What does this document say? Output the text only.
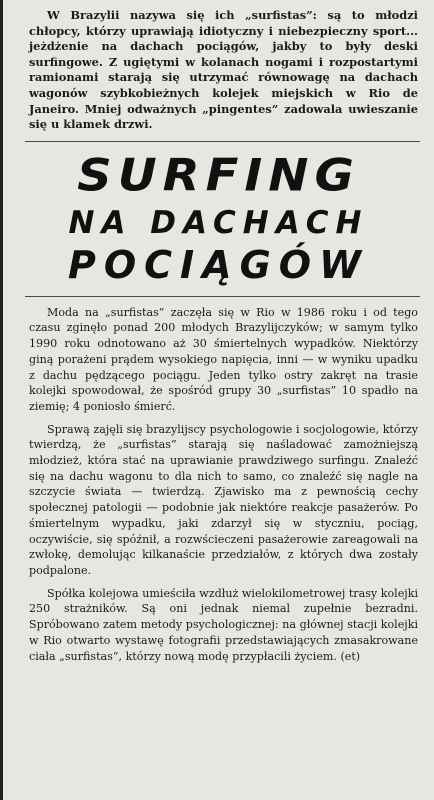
W Brazylii nazywa się ich „surfistas”: są to młodzi chłopcy, którzy uprawiają idiotyczny i niebezpieczny sport... jeżdżenie na dachach pociągów, jakby to były deski surfingowe. Z ugiętymi w kolanach nogami i rozpostartymi ramionami starają się utrzymać równowagę na dachach wagonów szybkobieżnych kolejek miejskich w Rio de Janeiro. Mniej odważnych „pingentes” zadowala uwieszanie się u klamek drzwi.

SURFING
NA DACHACH
POCIĄGÓW

Moda na „surfistas” zaczęła się w Rio w 1986 roku i od tego czasu zginęło ponad 200 młodych Brazylijczyków; w samym tylko 1990 roku odnotowano aż 30 śmiertelnych wypadków. Niektórzy giną porażeni prądem wysokiego napięcia, inni — w wyniku upadku z dachu pędzącego pociągu. Jeden tylko ostry zakręt na trasie kolejki spowodował, że spośród grupy 30 „surfistas” 10 spadło na ziemię; 4 poniosło śmierć.

Sprawą zajęli się brazylijscy psychologowie i socjologowie, którzy twierdzą, że „surfistas” starają się naśladować zamożniejszą młodzież, która stać na uprawianie prawdziwego surfingu. Znaleźć się na dachu wagonu to dla nich to samo, co znaleźć się nagle na szczycie świata — twierdzą. Zjawisko ma z pewnością cechy społecznej patologii — podobnie jak niektóre reakcje pasażerów. Po śmiertelnym wypadku, jaki zdarzył się w styczniu, pociąg, oczywiście, się spóźnił, a rozwścieczeni pasażerowie zareagowali na zwłokę, demolując kilkanaście przedziałów, z których dwa zostały podpalone.

Spółka kolejowa umieściła wzdłuż wielokilometrowej trasy kolejki 250 strażników. Są oni jednak niemal zupełnie bezradni. Spróbowano zatem metody psychologicznej: na głównej stacji kolejki w Rio otwarto wystawę fotografii przedstawiających zmasakrowane ciała „surfistas”, którzy nową modę przypłacili życiem. (et)
